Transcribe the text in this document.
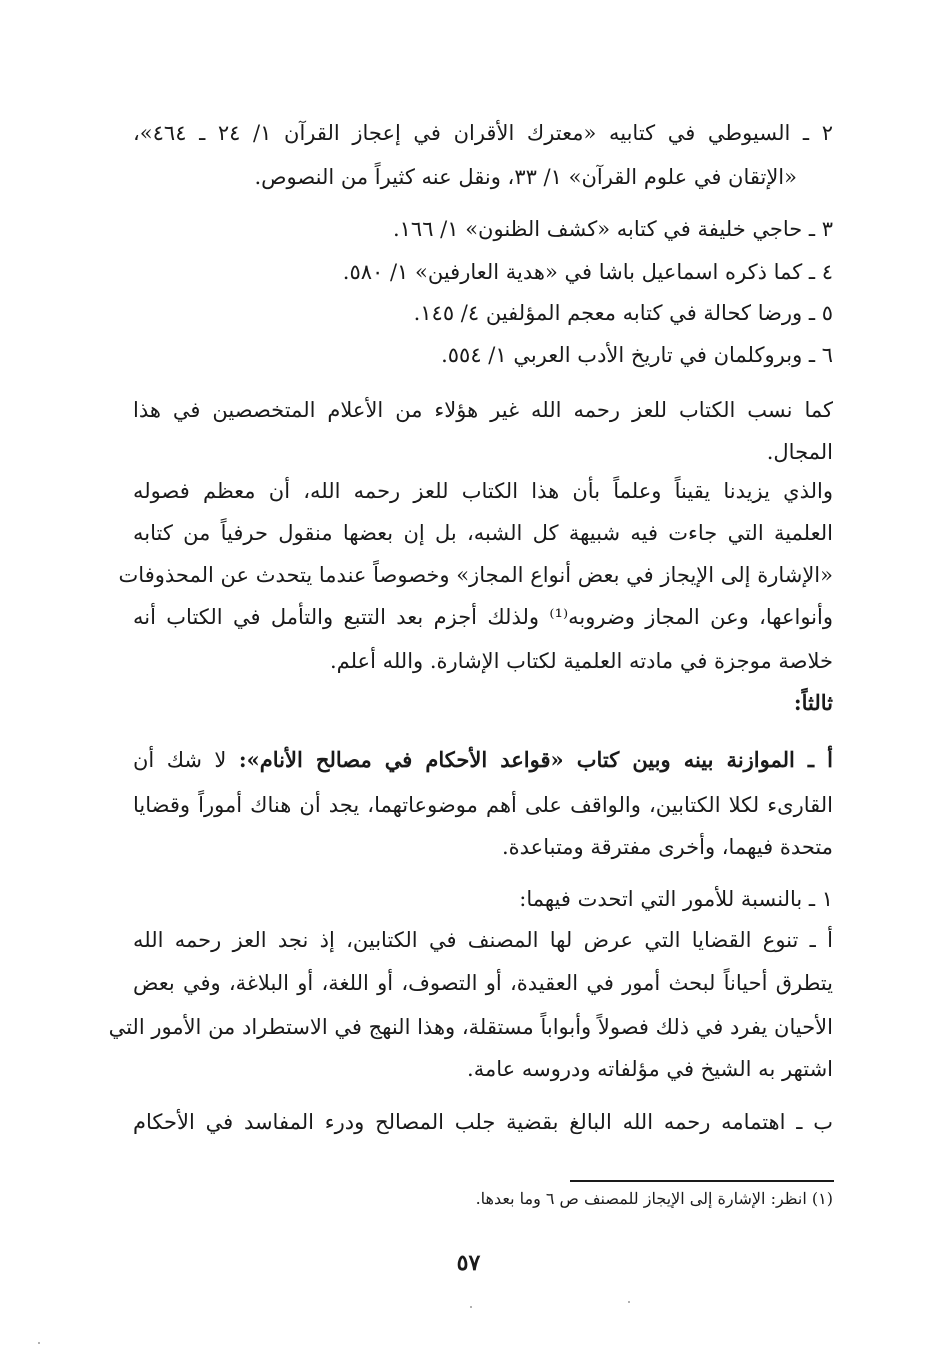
٢ ـ السيوطي في كتابيه «معترك الأقران في إعجاز القرآن ١/ ٢٤ ـ ٤٦٤»،
«الإتقان في علوم القرآن» ١/ ٣٣، ونقل عنه كثيراً من النصوص.
٣ ـ حاجي خليفة في كتابه «كشف الظنون» ١/ ١٦٦.
٤ ـ كما ذكره اسماعيل باشا في «هدية العارفين» ١/ ٥٨٠.
٥ ـ ورضا كحالة في كتابه معجم المؤلفين ٤/ ١٤٥.
٦ ـ وبروكلمان في تاريخ الأدب العربي ١/ ٥٥٤.
كما نسب الكتاب للعز رحمه الله غير هؤلاء من الأعلام المتخصصين في هذا
المجال.
والذي يزيدنا يقيناً وعلماً بأن هذا الكتاب للعز رحمه الله، أن معظم فصوله
العلمية التي جاءت فيه شبيهة كل الشبه، بل إن بعضها منقول حرفياً من كتابه
«الإشارة إلى الإيجاز في بعض أنواع المجاز» وخصوصاً عندما يتحدث عن المحذوفات
وأنواعها، وعن المجاز وضروبه⁽¹⁾ ولذلك أجزم بعد التتبع والتأمل في الكتاب أنه
خلاصة موجزة في مادته العلمية لكتاب الإشارة. والله أعلم.
ثالثاً:
أ ـ الموازنة بينه وبين كتاب «قواعد الأحكام في مصالح الأنام»: لا شك أن
القارىء لكلا الكتابين، والواقف على أهم موضوعاتهما، يجد أن هناك أموراً وقضايا
متحدة فيهما، وأخرى مفترقة ومتباعدة.
١ ـ بالنسبة للأمور التي اتحدت فيهما:
أ ـ تنوع القضايا التي عرض لها المصنف في الكتابين، إذ نجد العز رحمه الله
يتطرق أحياناً لبحث أمور في العقيدة، أو التصوف، أو اللغة، أو البلاغة، وفي بعض
الأحيان يفرد في ذلك فصولاً وأبواباً مستقلة، وهذا النهج في الاستطراد من الأمور التي
اشتهر به الشيخ في مؤلفاته ودروسه عامة.
ب ـ اهتمامه رحمه الله البالغ بقضية جلب المصالح ودرء المفاسد في الأحكام
(١) انظر: الإشارة إلى الإيجاز للمصنف ص ٦ وما بعدها.
٥٧
